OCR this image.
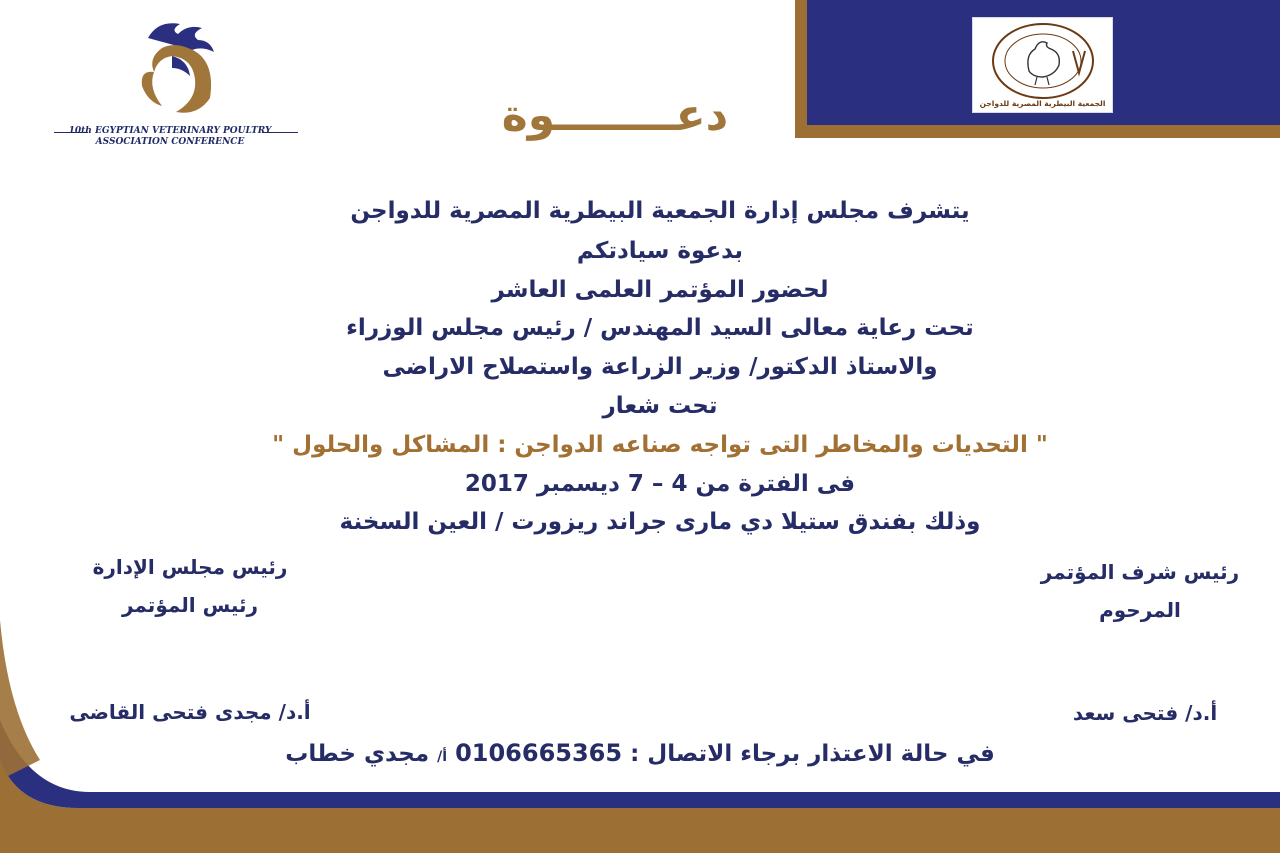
10th EGYPTIAN VETERINARY POULTRY
ASSOCIATION CONFERENCE
الجمعية البيطرية المصرية للدواجن
دعــــــــوة
يتشرف مجلس إدارة الجمعية البيطرية المصرية للدواجن
بدعوة سيادتكم
لحضور المؤتمر العلمى العاشر
تحت رعاية معالى السيد المهندس / رئيس مجلس الوزراء
والاستاذ الدكتور/ وزير الزراعة واستصلاح الاراضى
تحت شعار
" التحديات والمخاطر التى تواجه صناعه الدواجن : المشاكل والحلول "
فى الفترة من 4 – 7 ديسمبر 2017
وذلك بفندق ستيلا دي مارى جراند ريزورت / العين السخنة
رئيس مجلس الإدارة
رئيس المؤتمر
أ.د/ مجدى فتحى القاضى
رئيس شرف المؤتمر
المرحوم
أ.د/ فتحى سعد
في حالة الاعتذار برجاء الاتصال : 0106665365 أ/ مجدي خطاب
